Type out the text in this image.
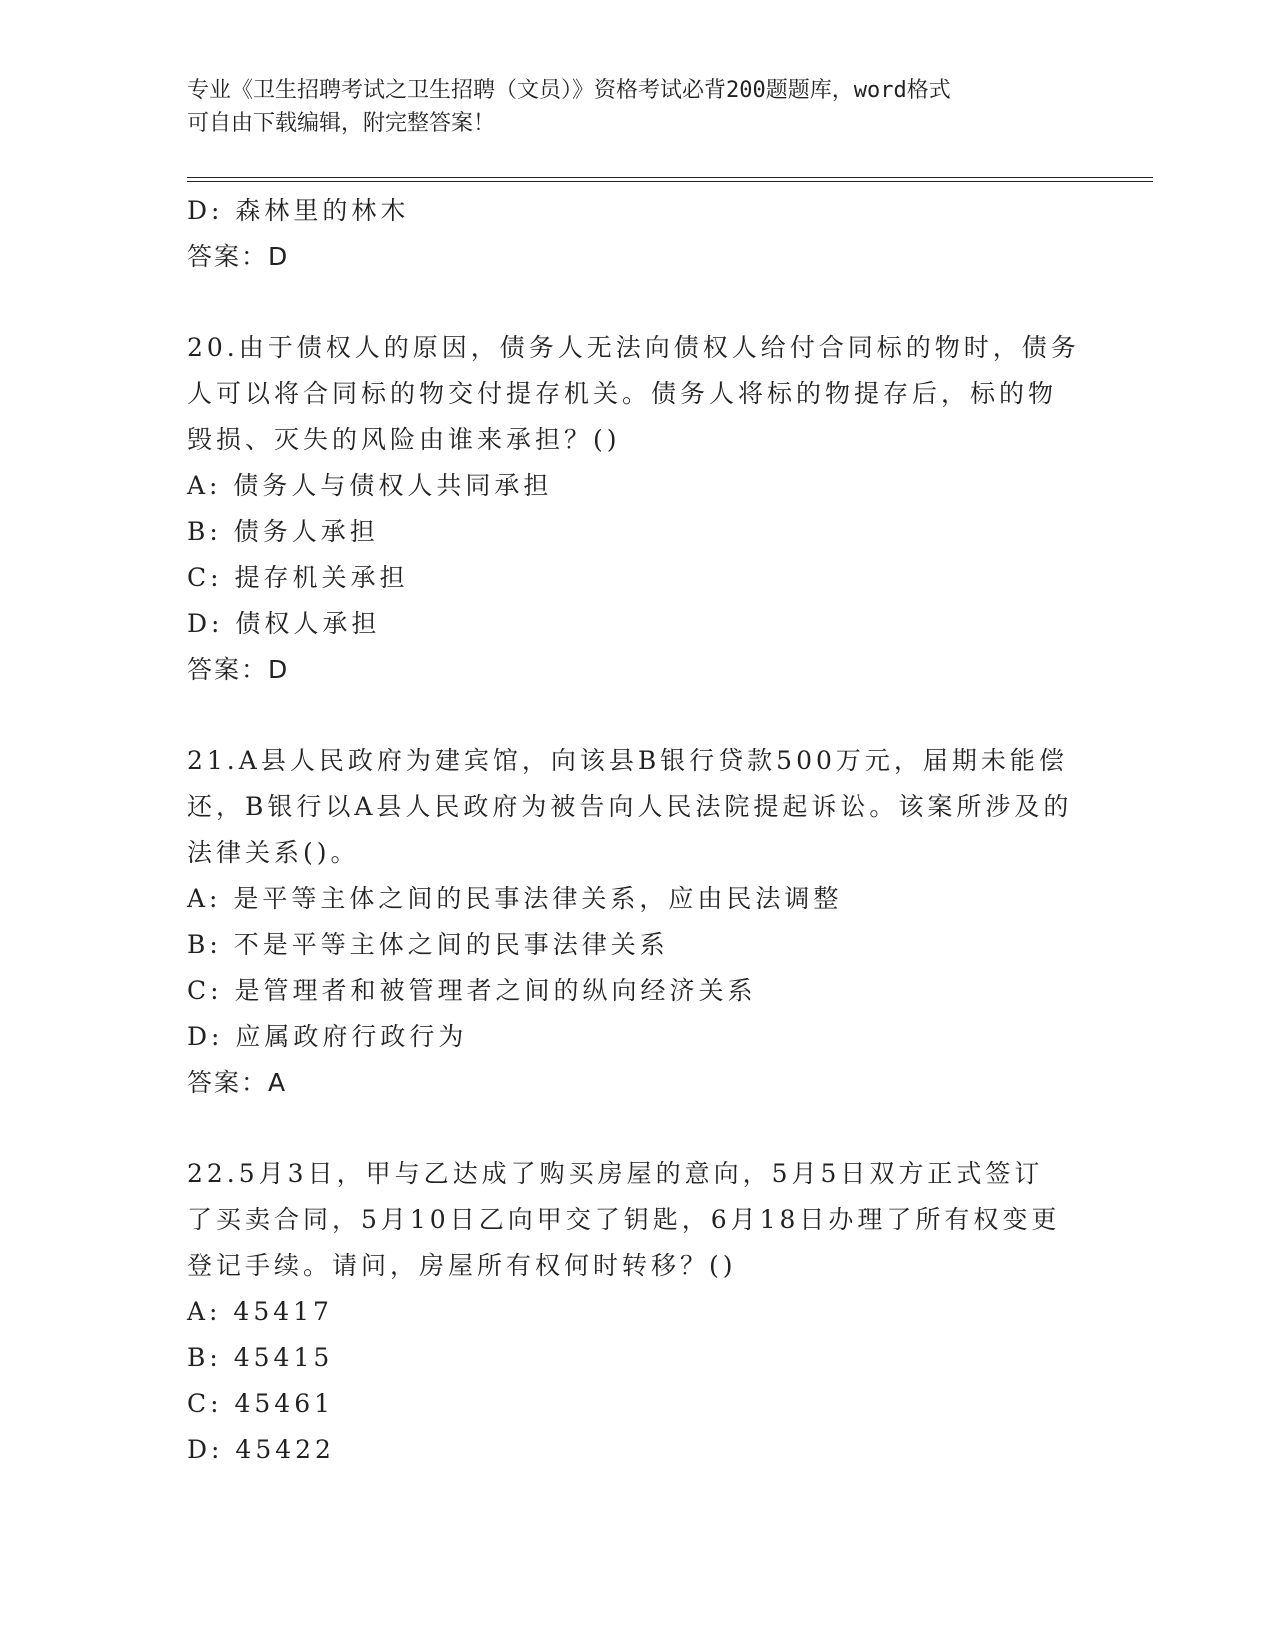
专业《卫生招聘考试之卫生招聘（文员）》资格考试必背200题题库，word格式
可自由下载编辑，附完整答案！
D: 森林里的林木
答案：D
20.由于债权人的原因，债务人无法向债权人给付合同标的物时，债务
人可以将合同标的物交付提存机关。债务人将标的物提存后，标的物
毁损、灭失的风险由谁来承担？()
A: 债务人与债权人共同承担
B: 债务人承担
C: 提存机关承担
D: 债权人承担
答案：D
21.A县人民政府为建宾馆，向该县B银行贷款500万元，届期未能偿
还，B银行以A县人民政府为被告向人民法院提起诉讼。该案所涉及的
法律关系()。
A: 是平等主体之间的民事法律关系，应由民法调整
B: 不是平等主体之间的民事法律关系
C: 是管理者和被管理者之间的纵向经济关系
D: 应属政府行政行为
答案：A
22.5月3日，甲与乙达成了购买房屋的意向，5月5日双方正式签订
了买卖合同，5月10日乙向甲交了钥匙，6月18日办理了所有权变更
登记手续。请问，房屋所有权何时转移？()
A: 45417
B: 45415
C: 45461
D: 45422
